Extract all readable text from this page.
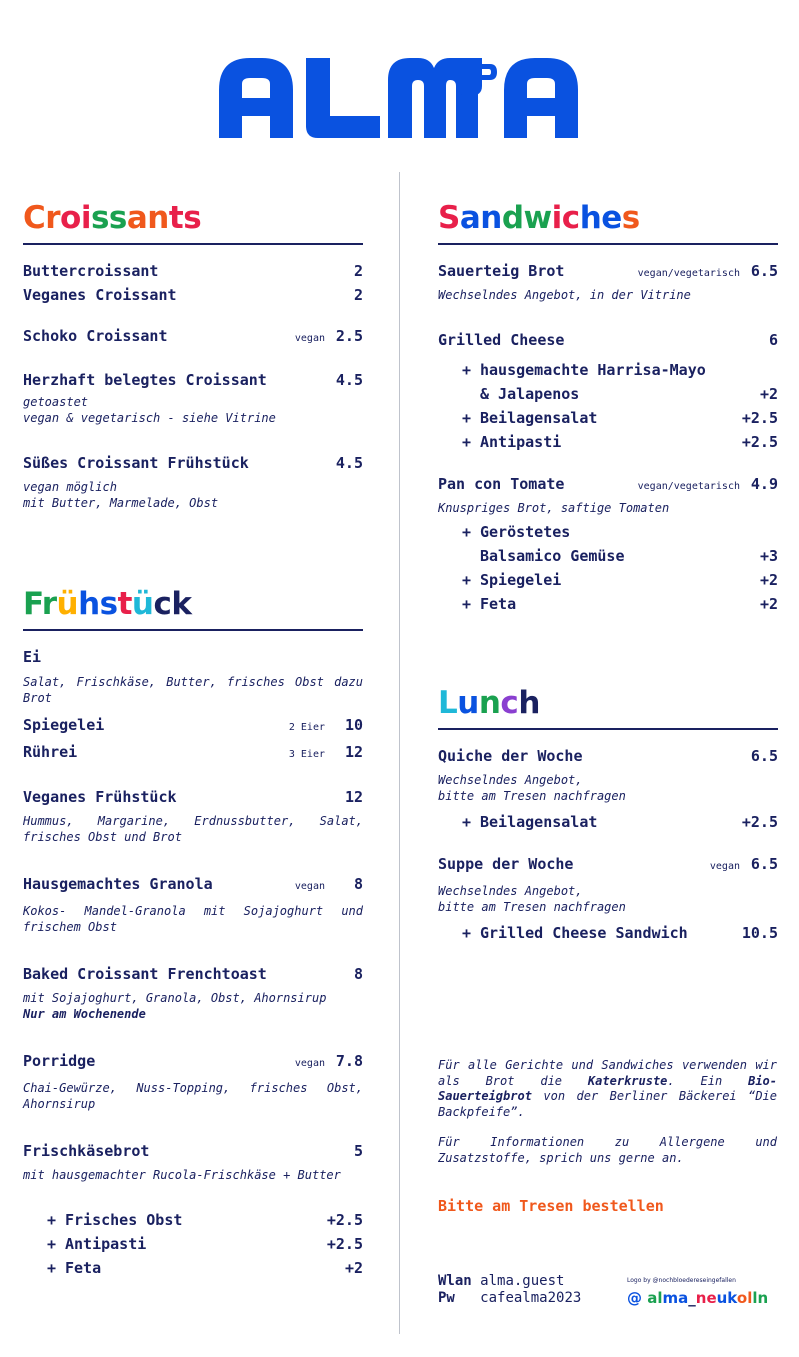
Croissants
Buttercroissant	2
Veganes Croissant	2
Schoko Croissant	vegan 2.5
Herzhaft belegtes Croissant	4.5
getoastet
vegan & vegetarisch - siehe Vitrine
Süßes Croissant Frühstück	4.5
vegan möglich
mit Butter, Marmelade, Obst
Frühstück
Ei
Salat, Frischkäse, Butter, frisches Obst dazu Brot
Spiegelei	2 Eier	10
Rührei	3 Eier	12
Veganes Frühstück	12
Hummus, Margarine, Erdnussbutter, Salat, frisches Obst und Brot
Hausgemachtes Granola	vegan	8
Kokos- Mandel-Granola mit Sojajoghurt und frischem Obst
Baked Croissant Frenchtoast	8
mit Sojajoghurt, Granola, Obst, Ahornsirup
Nur am Wochenende
Porridge	vegan 7.8
Chai-Gewürze, Nuss-Topping, frisches Obst, Ahornsirup
Frischkäsebrot	5
mit hausgemachter Rucola-Frischkäse + Butter
+ Frisches Obst	+2.5
+ Antipasti	+2.5
+ Feta	+2
Sandwiches
Sauerteig Brot	vegan/vegetarisch 6.5
Wechselndes Angebot, in der Vitrine
Grilled Cheese	6
+ hausgemachte Harrisa-Mayo
& Jalapenos	+2
+ Beilagensalat	+2.5
+ Antipasti	+2.5
Pan con Tomate	vegan/vegetarisch 4.9
Knuspriges Brot, saftige Tomaten
+ Geröstetes
Balsamico Gemüse	+3
+ Spiegelei	+2
+ Feta	+2
Lunch
Quiche der Woche	6.5
Wechselndes Angebot,
bitte am Tresen nachfragen
+ Beilagensalat	+2.5
Suppe der Woche	vegan 6.5
Wechselndes Angebot,
bitte am Tresen nachfragen
+ Grilled Cheese Sandwich	10.5
Für alle Gerichte und Sandwiches verwenden wir als Brot die Katerkruste. Ein Bio-Sauerteigbrot von der Berliner Bäckerei “Die Backpfeife”.
Für Informationen zu Allergene und Zusatzstoffe, sprich uns gerne an.
Bitte am Tresen bestellen
Wlan alma.guest
Pw cafealma2023
Logo by @nochbloedereseingefallen
@ alma_neukolln
